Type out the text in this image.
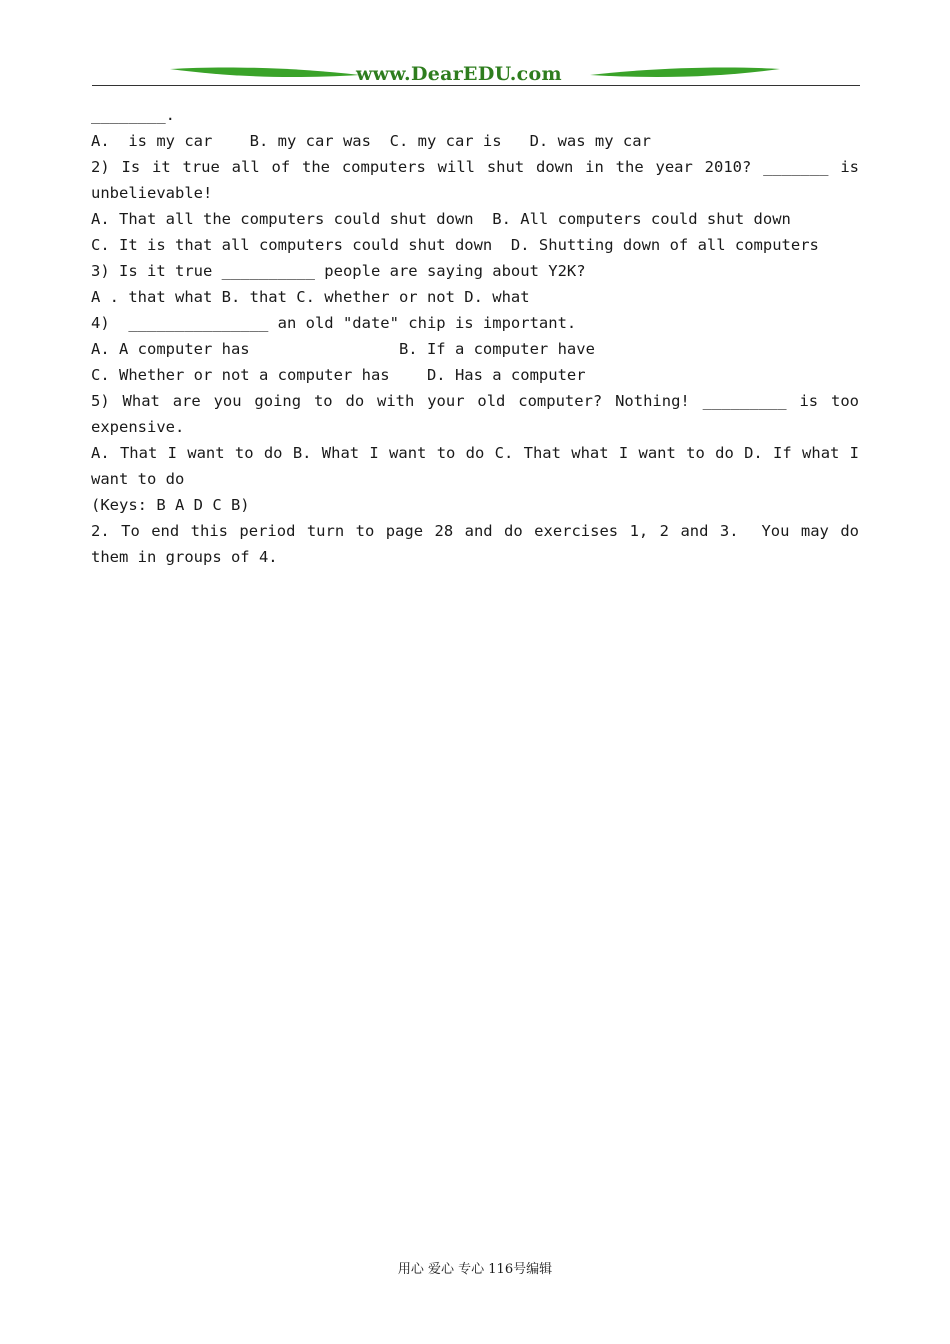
www.DearEDU.com
________.
A.  is my car    B. my car was  C. my car is   D. was my car
2) Is it true all of the computers will shut down in the year 2010? _______ is
unbelievable!
A. That all the computers could shut down  B. All computers could shut down
C. It is that all computers could shut down  D. Shutting down of all computers
3) Is it true __________ people are saying about Y2K?
A . that what B. that C. whether or not D. what
4)  _______________ an old "date" chip is important.
A. A computer has                B. If a computer have
C. Whether or not a computer has    D. Has a computer
5) What are you going to do with your old computer? Nothing! _________ is too
expensive.
A. That I want to do B. What I want to do C. That what I want to do D. If what I
want to do
(Keys: B A D C B)
2. To end this period turn to page 28 and do exercises 1, 2 and 3.  You may do
them in groups of 4.
用心 爱心 专心 116号编辑
